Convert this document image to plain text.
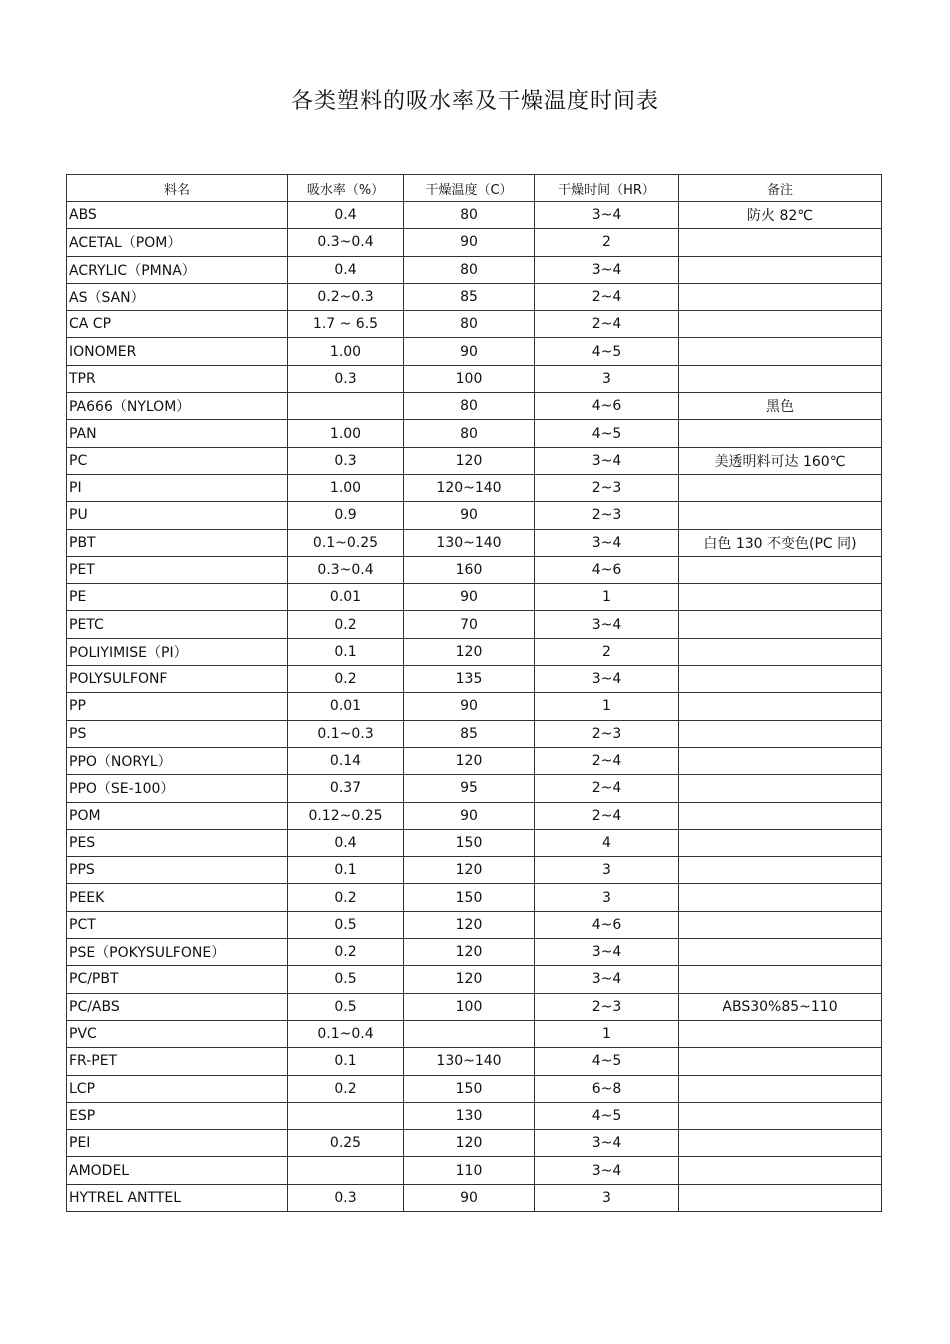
各类塑料的吸水率及干燥温度时间表
料名	吸水率（%）	干燥温度（C）	干燥时间（HR）	备注
ABS	0.4	80	3~4	防火 82℃
ACETAL（POM）	0.3~0.4	90	2	
ACRYLIC（PMNA）	0.4	80	3~4	
AS（SAN）	0.2~0.3	85	2~4	
CA CP	1.7 ~ 6.5	80	2~4	
IONOMER	1.00	90	4~5	
TPR	0.3	100	3	
PA666（NYLOM）		80	4~6	黑色
PAN	1.00	80	4~5	
PC	0.3	120	3~4	美透明料可达 160℃
PI	1.00	120~140	2~3	
PU	0.9	90	2~3	
PBT	0.1~0.25	130~140	3~4	白色 130 不变色(PC 同)
PET	0.3~0.4	160	4~6	
PE	0.01	90	1	
PETC	0.2	70	3~4	
POLIYIMISE（PI）	0.1	120	2	
POLYSULFONF	0.2	135	3~4	
PP	0.01	90	1	
PS	0.1~0.3	85	2~3	
PPO（NORYL）	0.14	120	2~4	
PPO（SE-100）	0.37	95	2~4	
POM	0.12~0.25	90	2~4	
PES	0.4	150	4	
PPS	0.1	120	3	
PEEK	0.2	150	3	
PCT	0.5	120	4~6	
PSE（POKYSULFONE）	0.2	120	3~4	
PC/PBT	0.5	120	3~4	
PC/ABS	0.5	100	2~3	ABS30%85~110
PVC	0.1~0.4		1	
FR-PET	0.1	130~140	4~5	
LCP	0.2	150	6~8	
ESP		130	4~5	
PEI	0.25	120	3~4	
AMODEL		110	3~4	
HYTREL ANTTEL	0.3	90	3	
